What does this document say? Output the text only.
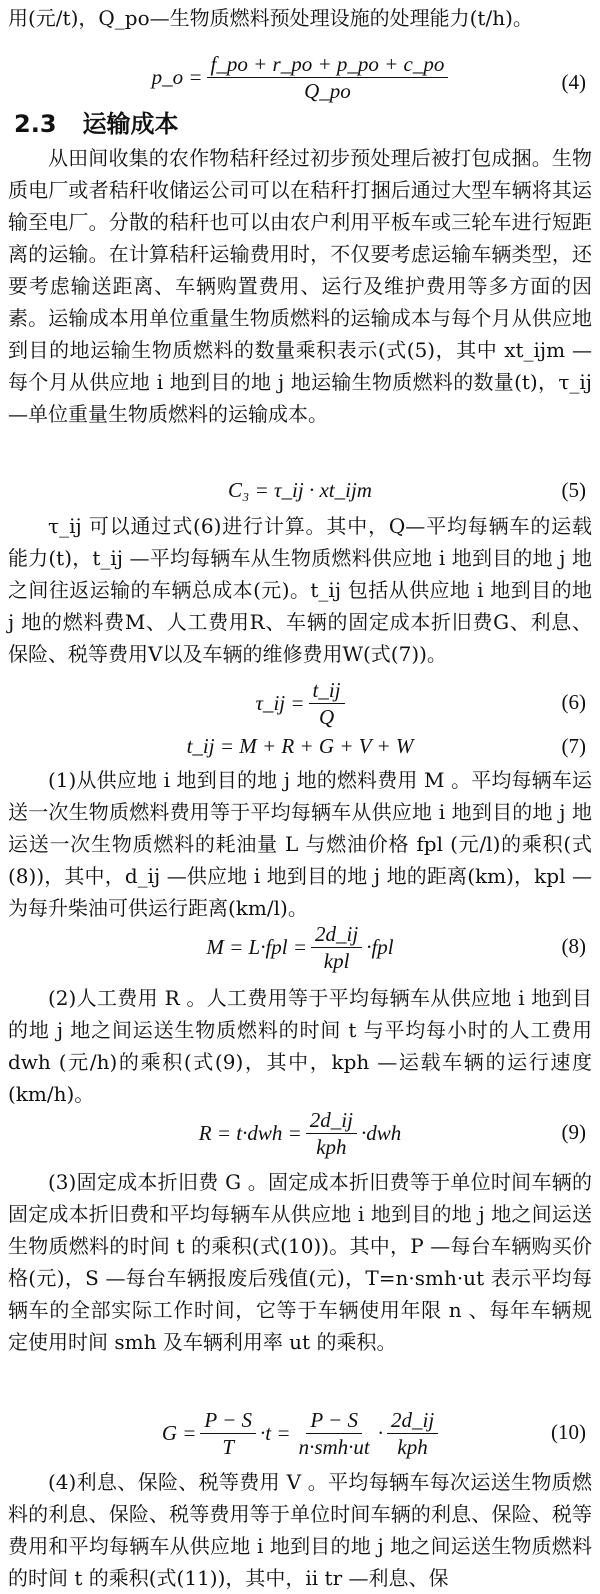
用(元/t)，Q_po—生物质燃料预处理设施的处理能力(t/h)。

p_o = $\frac{f\_po + r\_po + p\_po + c\_po}{Q\_po}$	(4)
2.3 运输成本

从田间收集的农作物秸秆经过初步预处理后被打包成捆。生物质电厂或者秸秆收储运公司可以在秸秆打捆后通过大型车辆将其运输至电厂。分散的秸秆也可以由农户利用平板车或三轮车进行短距离的运输。在计算秸秆运输费用时，不仅要考虑运输车辆类型，还要考虑输送距离、车辆购置费用、运行及维护费用等多方面的因素。运输成本用单位重量生物质燃料的运输成本与每个月从供应地到目的地运输生物质燃料的数量乘积表示(式(5)，其中 xt_ijm —每个月从供应地 i 地到目的地 j 地运输生物质燃料的数量(t)，τ_ij —单位重量生物质燃料的运输成本。

C₃ = τ_ij · xt_ijm	(5)

τ_ij 可以通过式(6)进行计算。其中，Q—平均每辆车的运载能力(t)，t_ij —平均每辆车从生物质燃料供应地 i 地到目的地 j 地之间往返运输的车辆总成本(元)。t_ij 包括从供应地 i 地到目的地 j 地的燃料费M、人工费用R、车辆的固定成本折旧费G、利息、保险、税等费用V以及车辆的维修费用W(式(7))。

τ_ij = $\frac{t\_ij}{Q}$	(6)
t_ij = M + R + G + V + W	(7)

(1)从供应地 i 地到目的地 j 地的燃料费用 M 。平均每辆车运送一次生物质燃料费用等于平均每辆车从供应地 i 地到目的地 j 地运送一次生物质燃料的耗油量 L 与燃油价格 fpl (元/l)的乘积(式(8))，其中，d_ij —供应地 i 地到目的地 j 地的距离(km)，kpl —为每升柴油可供运行距离(km/l)。

$M = L\cdot fpl = \frac{2d\_ij}{\text{kpl}} \cdot fpl$	(8)

(2)人工费用 R 。人工费用等于平均每辆车从供应地 i 地到目的地 j 地之间运送生物质燃料的时间 t 与平均每小时的人工费用 dwh (元/h)的乘积(式(9)，其中，kph —运载车辆的运行速度(km/h)。

$R = t\cdot dwh = \frac{2d\_ij}{\text{kph}} \cdot dwh$	(9)

(3)固定成本折旧费 G 。固定成本折旧费等于单位时间车辆的固定成本折旧费和平均每辆车从供应地 i 地到目的地 j 地之间运送生物质燃料的时间 t 的乘积(式(10))。其中，P —每台车辆购买价格(元)，S —每台车辆报废后残值(元)，T=n·smh·ut 表示平均每辆车的全部实际工作时间，它等于车辆使用年限 n 、每年车辆规定使用时间 smh 及车辆利用率 ut 的乘积。

$G = \frac{P - S}{T} \cdot t = \frac{P - S}{\text{n·smh·ut}} \cdot \frac{2d\_ij}{\text{kph}}$	(10)

(4)利息、保险、税等费用 V 。平均每辆车每次运送生物质燃料的利息、保险、税等费用等于单位时间车辆的利息、保险、税等费用和平均每辆车从供应地 i 地到目的地 j 地之间运送生物质燃料的时间 t 的乘积(式(11))，其中，ii tr —利息、保
